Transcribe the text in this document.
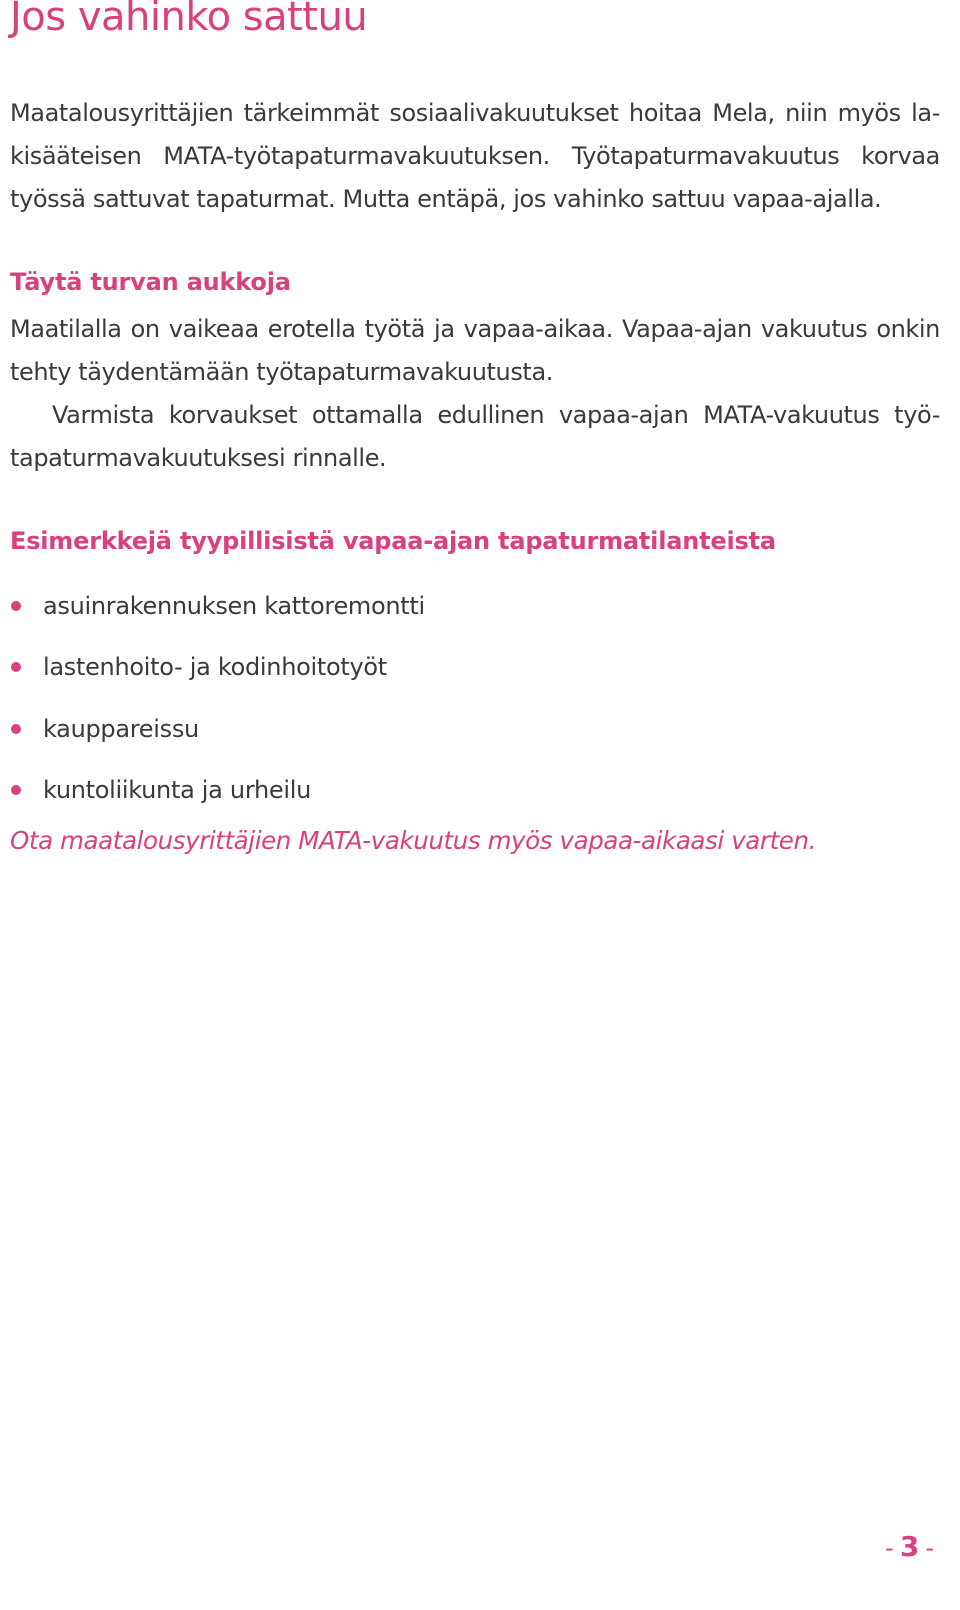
Jos vahinko sattuu

Maatalousyrittäjien tärkeimmät sosiaalivakuutukset hoitaa Mela, niin myös la-
kisääteisen MATA-työtapaturmavakuutuksen. Työtapaturmavakuutus korvaa
työssä sattuvat tapaturmat. Mutta entäpä, jos vahinko sattuu vapaa-ajalla.

Täytä turvan aukkoja

Maatilalla on vaikeaa erotella työtä ja vapaa-aikaa. Vapaa-ajan vakuutus onkin
tehty täydentämään työtapaturmavakuutusta.

Varmista korvaukset ottamalla edullinen vapaa-ajan MATA-vakuutus työ-
tapaturmavakuutuksesi rinnalle.

Esimerkkejä tyypillisistä vapaa-ajan tapaturmatilanteista
asuinrakennuksen kattoremontti
lastenhoito- ja kodinhoitotyöt
kauppareissu
kuntoliikunta ja urheilu

Ota maatalousyrittäjien MATA-vakuutus myös vapaa-aikaasi varten.

- 3 -
